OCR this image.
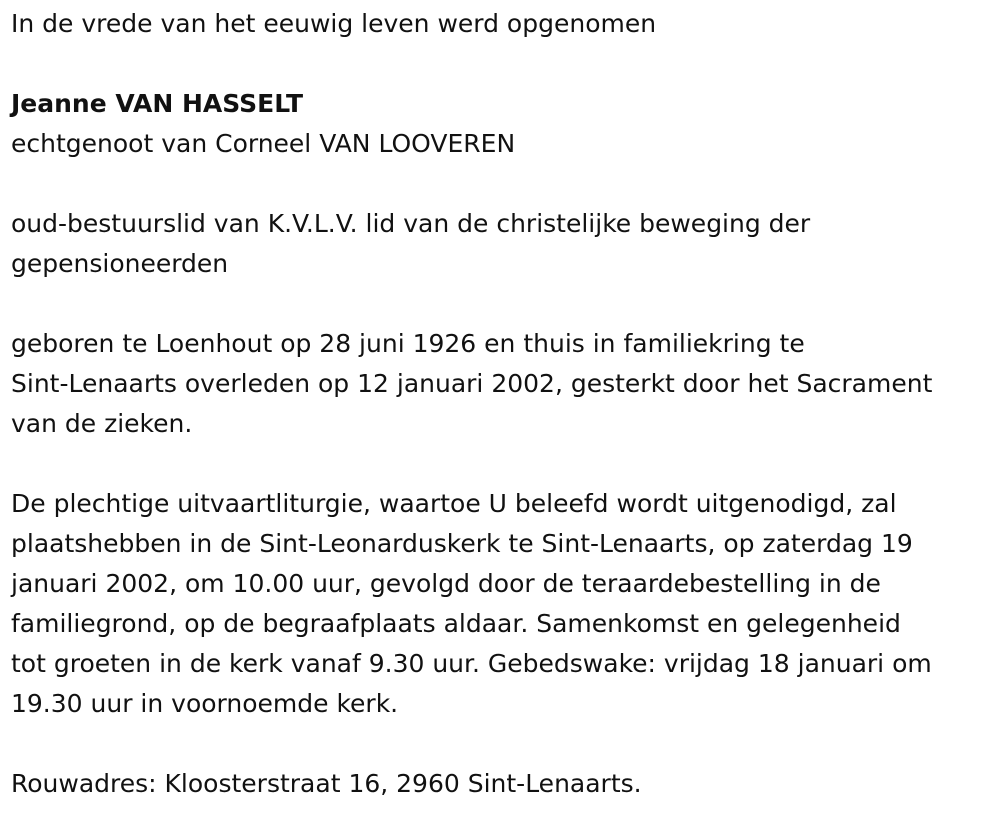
In de vrede van het eeuwig leven werd opgenomen
Jeanne VAN HASSELT
echtgenoot van Corneel VAN LOOVEREN
oud-bestuurslid van K.V.L.V. lid van de christelijke beweging der
gepensioneerden
geboren te Loenhout op 28 juni 1926 en thuis in familiekring te
Sint-Lenaarts overleden op 12 januari 2002, gesterkt door het Sacrament
van de zieken.
De plechtige uitvaartliturgie, waartoe U beleefd wordt uitgenodigd, zal
plaatshebben in de Sint-Leonarduskerk te Sint-Lenaarts, op zaterdag 19
januari 2002, om 10.00 uur, gevolgd door de teraardebestelling in de
familiegrond, op de begraafplaats aldaar. Samenkomst en gelegenheid
tot groeten in de kerk vanaf 9.30 uur. Gebedswake: vrijdag 18 januari om
19.30 uur in voornoemde kerk.
Rouwadres: Kloosterstraat 16, 2960 Sint-Lenaarts.
